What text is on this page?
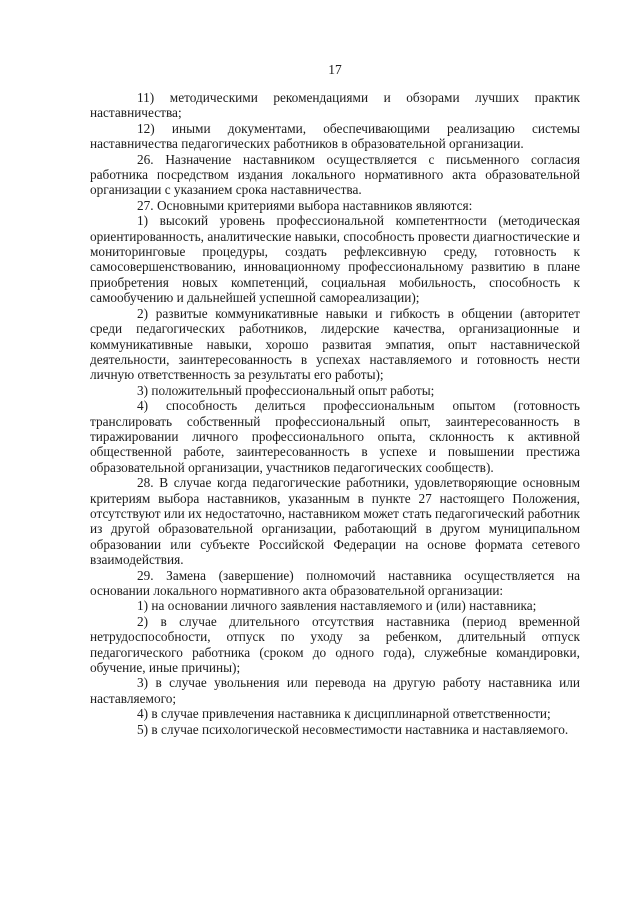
17

11) методическими рекомендациями и обзорами лучших практик наставничества;

12) иными документами, обеспечивающими реализацию системы наставничества педагогических работников в образовательной организации.

26. Назначение наставником осуществляется с письменного согласия работника посредством издания локального нормативного акта образовательной организации с указанием срока наставничества.

27. Основными критериями выбора наставников являются:

1) высокий уровень профессиональной компетентности (методическая ориентированность, аналитические навыки, способность провести диагностические и мониторинговые процедуры, создать рефлексивную среду, готовность к самосовершенствованию, инновационному профессиональному развитию в плане приобретения новых компетенций, социальная мобильность, способность к самообучению и дальнейшей успешной самореализации);

2) развитые коммуникативные навыки и гибкость в общении (авторитет среди педагогических работников, лидерские качества, организационные и коммуникативные навыки, хорошо развитая эмпатия, опыт наставнической деятельности, заинтересованность в успехах наставляемого и готовность нести личную ответственность за результаты его работы);

3) положительный профессиональный опыт работы;

4) способность делиться профессиональным опытом (готовность транслировать собственный профессиональный опыт, заинтересованность в тиражировании личного профессионального опыта, склонность к активной общественной работе, заинтересованность в успехе и повышении престижа образовательной организации, участников педагогических сообществ).

28. В случае когда педагогические работники, удовлетворяющие основным критериям выбора наставников, указанным в пункте 27 настоящего Положения, отсутствуют или их недостаточно, наставником может стать педагогический работник из другой образовательной организации, работающий в другом муниципальном образовании или субъекте Российской Федерации на основе формата сетевого взаимодействия.

29. Замена (завершение) полномочий наставника осуществляется на основании локального нормативного акта образовательной организации:

1) на основании личного заявления наставляемого и (или) наставника;

2) в случае длительного отсутствия наставника (период временной нетрудоспособности, отпуск по уходу за ребенком, длительный отпуск педагогического работника (сроком до одного года), служебные командировки, обучение, иные причины);

3) в случае увольнения или перевода на другую работу наставника или наставляемого;

4) в случае привлечения наставника к дисциплинарной ответственности;

5) в случае психологической несовместимости наставника и наставляемого.
